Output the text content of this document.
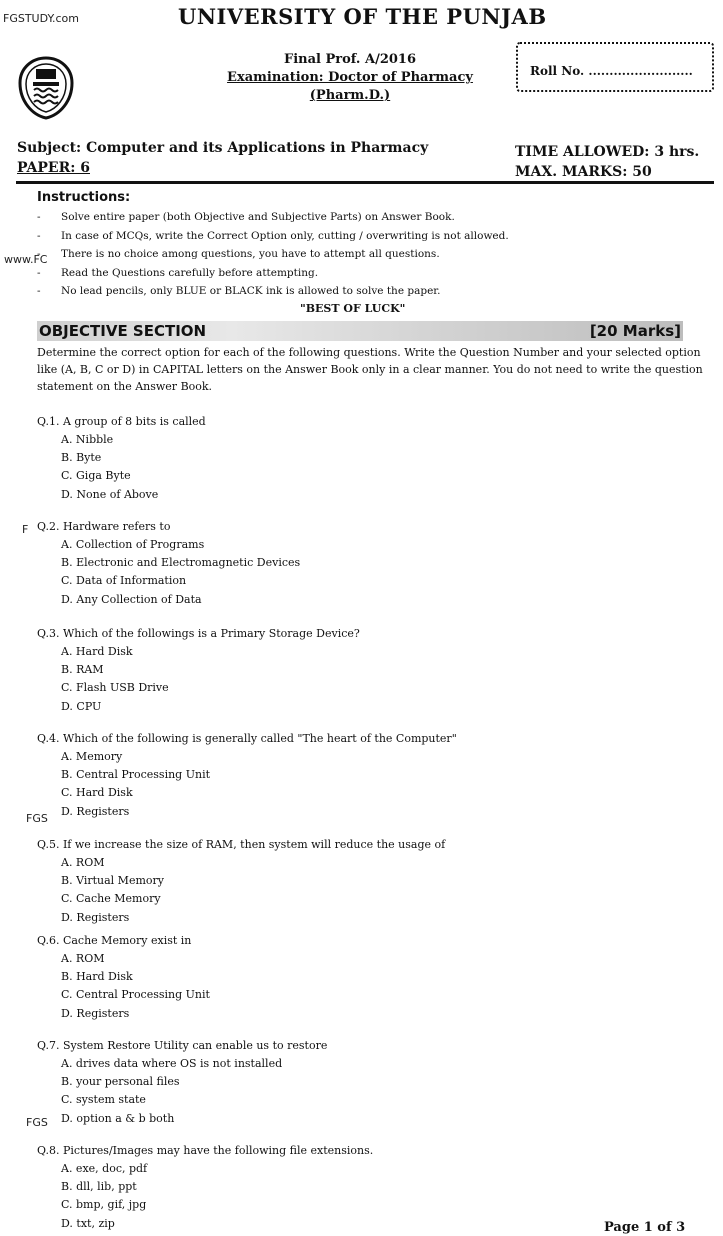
FGSTUDY.com
www.FC
F
FGS
FGS
UNIVERSITY OF THE PUNJAB
Final Prof. A/2016
Examination: Doctor of Pharmacy
(Pharm.D.)
Roll No. .........................
Subject: Computer and its Applications in Pharmacy
PAPER: 6
TIME ALLOWED: 3 hrs.
MAX. MARKS: 50
Instructions:
- Solve entire paper (both Objective and Subjective Parts) on Answer Book.
- In case of MCQs, write the Correct Option only, cutting / overwriting is not allowed.
- There is no choice among questions, you have to attempt all questions.
- Read the Questions carefully before attempting.
- No lead pencils, only BLUE or BLACK ink is allowed to solve the paper.
"BEST OF LUCK"
OBJECTIVE SECTION	[20 Marks]
Determine the correct option for each of the following questions. Write the Question Number and your selected option like (A, B, C or D) in CAPITAL letters on the Answer Book only in a clear manner. You do not need to write the question statement on the Answer Book.
Q.1. A group of 8 bits is called
A. Nibble
B. Byte
C. Giga Byte
D. None of Above
Q.2. Hardware refers to
A. Collection of Programs
B. Electronic and Electromagnetic Devices
C. Data of Information
D. Any Collection of Data
Q.3. Which of the followings is a Primary Storage Device?
A. Hard Disk
B. RAM
C. Flash USB Drive
D. CPU
Q.4. Which of the following is generally called "The heart of the Computer"
A. Memory
B. Central Processing Unit
C. Hard Disk
D. Registers
Q.5. If we increase the size of RAM, then system will reduce the usage of
A. ROM
B. Virtual Memory
C. Cache Memory
D. Registers
Q.6. Cache Memory exist in
A. ROM
B. Hard Disk
C. Central Processing Unit
D. Registers
Q.7. System Restore Utility can enable us to restore
A. drives data where OS is not installed
B. your personal files
C. system state
D. option a & b both
Q.8. Pictures/Images may have the following file extensions.
A. exe, doc, pdf
B. dll, lib, ppt
C. bmp, gif, jpg
D. txt, zip	Page 1 of 3
